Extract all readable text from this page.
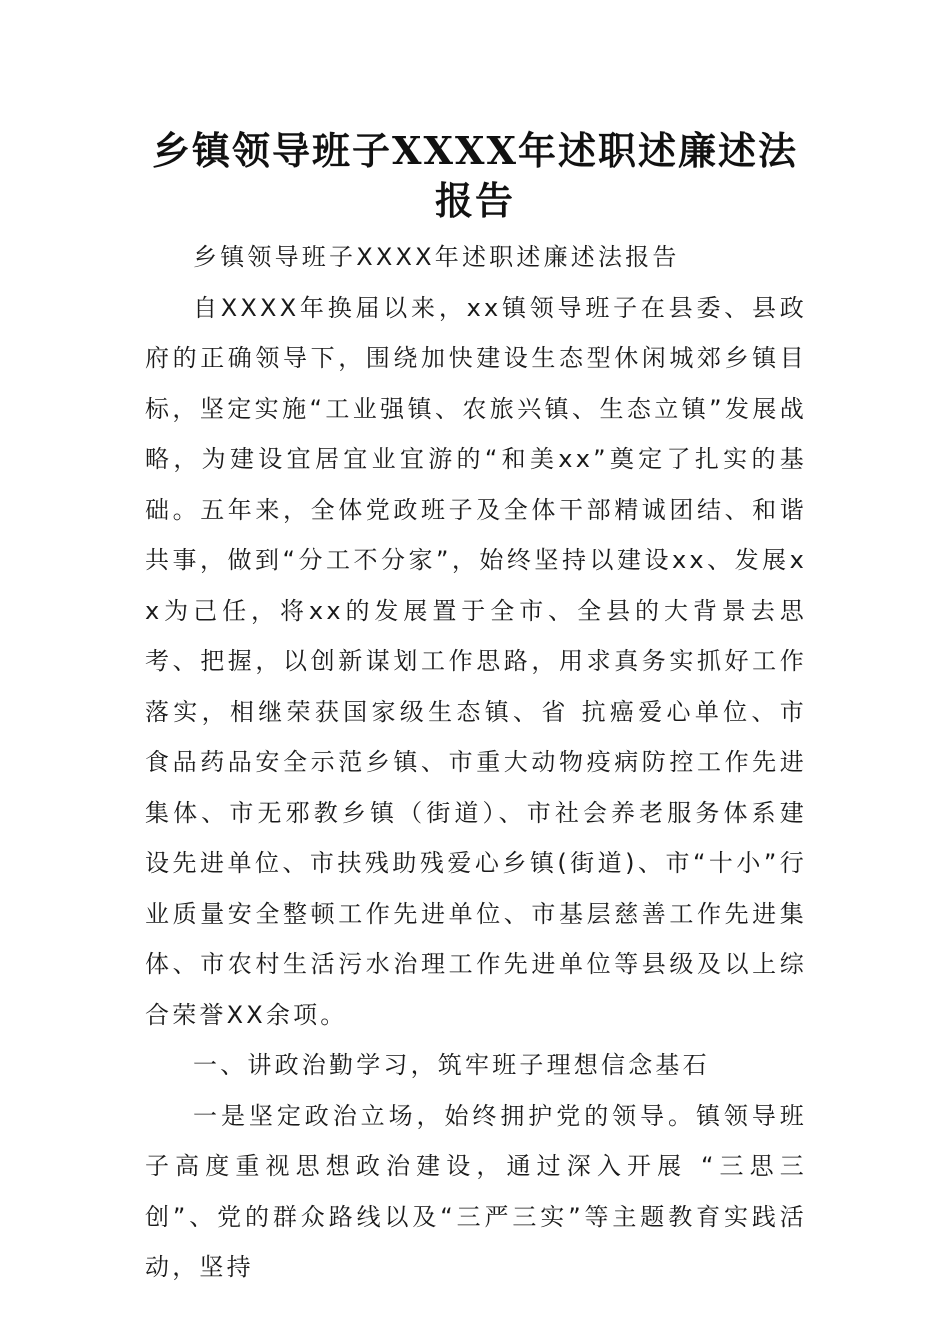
乡镇领导班子XXXX年述职述廉述法报告

乡镇领导班子XXXX年述职述廉述法报告

自XXXX年换届以来，xx镇领导班子在县委、县政府的正确领导下，围绕加快建设生态型休闲城郊乡镇目标，坚定实施“工业强镇、农旅兴镇、生态立镇”发展战略，为建设宜居宜业宜游的“和美xx”奠定了扎实的基础。五年来，全体党政班子及全体干部精诚团结、和谐共事，做到“分工不分家”，始终坚持以建设xx、发展xx为己任，将xx的发展置于全市、全县的大背景去思考、把握，以创新谋划工作思路，用求真务实抓好工作落实，相继荣获国家级生态镇、省 抗癌爱心单位、市食品药品安全示范乡镇、市重大动物疫病防控工作先进集体、市无邪教乡镇（街道）、市社会养老服务体系建设先进单位、市扶残助残爱心乡镇(街道)、市“十小”行业质量安全整顿工作先进单位、市基层慈善工作先进集体、市农村生活污水治理工作先进单位等县级及以上综合荣誉XX余项。

一、讲政治勤学习，筑牢班子理想信念基石

一是坚定政治立场，始终拥护党的领导。镇领导班子高度重视思想政治建设，通过深入开展 “三思三创”、党的群众路线以及“三严三实”等主题教育实践活动，坚持
